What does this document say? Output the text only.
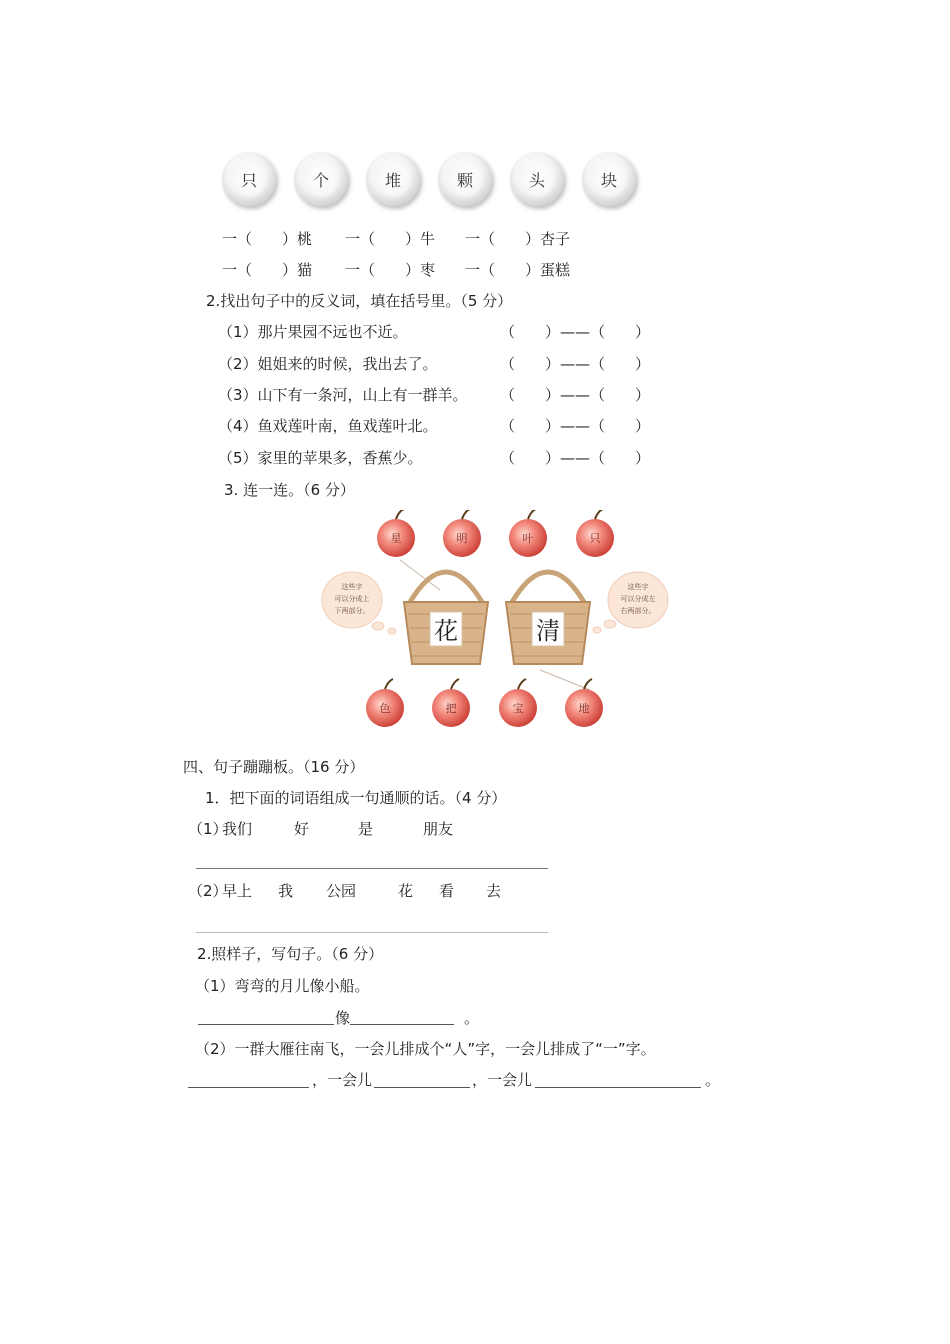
只	个	堆	颗	头	块
一（　　）桃 一（　　）牛 一（　　）杏子
一（　　）猫 一（　　）枣 一（　　）蛋糕
2.找出句子中的反义词，填在括号里。（5 分）
（1）那片果园不远也不近。	（　　）——（　　）
（2）姐姐来的时候，我出去了。	（　　）——（　　）
（3）山下有一条河，山上有一群羊。 （　　）——（　　）
（4）鱼戏莲叶南，鱼戏莲叶北。	（　　）——（　　）
（5）家里的苹果多，香蕉少。	（　　）——（　　）
3. 连一连。（6 分）
星	明	叶	只
这些字
可以分成上
下两部分。
这些字
可以分成左
右两部分。
花	清
色	把	宝	地
四、句子蹦蹦板。（16 分）
1．把下面的词语组成一句通顺的话。（4 分）
（1）
我们	好	是	朋友
（2）
早上 我 公园	花 看 去
2.照样子，写句子。（6 分）
（1）弯弯的月儿像小船。
像	。
（2）一群大雁往南飞，一会儿排成个“人”字，一会儿排成了“一”字。
，一会儿	，一会儿	。
